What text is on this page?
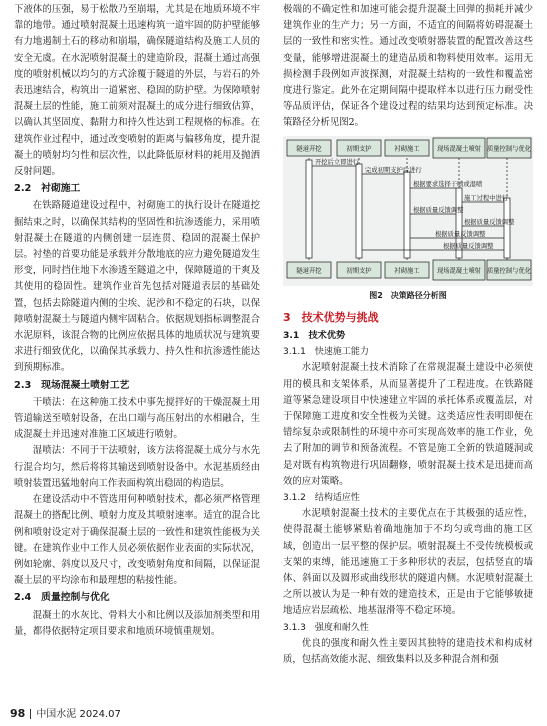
下液体的压强，易于松散乃至崩塌，尤其是在地质环境不牢靠的地带。通过喷射混凝土迅速构筑一道牢固的防护壁能够有力地遏制土石的移动和崩塌，确保隧道结构及施工人员的安全无虞。在水泥喷射混凝土的建造阶段，混凝土通过高强度的喷射机械以均匀的方式涂覆于隧道的外层，与岩石的外表迅速结合，构筑出一道紧密、稳固的防护壁。为保障喷射混凝土层的性能，施工前须对混凝土的成分进行细致估算，以确认其坚固度、黏附力和持久性达到工程规格的标准。在建筑作业过程中，通过改变喷射的距离与偏移角度，提升混凝土的喷射均匀性和层次性，以此降低原材料的耗用及抛洒反射问题。

2.2　衬砌施工

在铁路隧道建设过程中，衬砌施工的执行设计在隧道挖掘结束之时，以确保其结构的坚固性和抗渗透能力，采用喷射混凝土在隧道的内侧创建一层连贯、稳固的混凝土保护层。衬垫的首要功能是承载并分散地底的应力避免隧道发生形变，同时挡住地下水渗透至隧道之中，保障隧道的干爽及其使用的稳固性。建筑作业首先包括对隧道表层的基础处置，包括去除隧道内侧的尘埃、泥沙和不稳定的石块，以保障喷射混凝土与隧道内侧牢固粘合。依据规划指标调整混合水泥原料，该混合物的比例应依据具体的地质状况与建筑要求进行细致优化，以确保其承载力、持久性和抗渗透性能达到预期标准。

2.3　现场混凝土喷射工艺

干喷法：在这种施工技术中事先搅拌好的干燥混凝土用管道输送至喷射设备，在出口端与高压射出的水相融合，生成混凝土并迅速对准施工区域进行喷射。

湿喷法：不同于干法喷射，该方法将混凝土成分与水先行混合均匀，然后将将其输送到喷射设备中。水泥基质经由喷射装置迅猛地射向工作表面构筑出稳固的构造层。

在建设活动中不管选用何种喷射技术，都必须严格管理混凝土的搭配比例、喷射力度及其喷射速率。适宜的混合比例和喷射设定对于确保混凝土层的一致性和建筑性能极为关键。在建筑作业中工作人员必须依据作业表面的实际状况，例如轮廓、斜度以及尺寸，改变喷射角度和间隔，以保证混凝土层的平均涂布和最理想的粘接性能。

2.4　质量控制与优化

混凝土的水灰比、骨料大小和比例以及添加剂类型和用量，都得依据特定项目要求和地质环境慎重规划。

极端的不确定性和加速可能会提升混凝土回弹的损耗并减少建筑作业的生产力；另一方面，不适宜的间隔将妨碍混凝土层的一致性和密实性。通过改变喷射器装置的配置改善这些变量，能够增进混凝土的建造品质和物料使用效率。运用无损检测手段例如声波探测，对混凝土结构的一致性和覆盖密度进行鉴定。此外在定期间隔中提取样本以进行压力耐受性等品质评估，保证各个建设过程的结果均达到预定标准。决策路径分析见图2。

隧道开挖	初期支护	衬砌施工	现场混凝土喷射 质量控制与优化
开挖后立即进行
完成初期支护后进行
根据要求选择干喷或湿喷
施工过程中进行
根据质量反馈调整
根据质量反馈调整
根据质量反馈调整
根据质量反馈调整
隧道开挖	初期支护	衬砌施工	现场混凝土喷射 质量控制与优化
图2　决策路径分析图
3　技术优势与挑战
3.1　技术优势
3.1.1　快速施工能力

水泥喷射混凝土技术消除了在常规混凝土建设中必须使用的模具和支架体系，从而显著提升了工程进度。在铁路隧道等紧急建设项目中快速建立牢固的承托体系或覆盖层，对于保障施工进度和安全性极为关键。这类适应性表明即便在错综复杂或限制性的环境中亦可实现高效率的施工作业，免去了附加的调节和预备流程。不管是施工全新的铁道隧洞或是对既有构筑物进行巩固翻修，喷射混凝土技术是迅捷而高效的应对策略。

3.1.2　结构适应性

水泥喷射混凝土技术的主要优点在于其极强的适应性，使得混凝土能够紧贴着确地施加于不均匀或弯曲的施工区域，创造出一层平整的保护层。喷射混凝土不受传统模板或支架的束缚，能迅速施工于多种形状的表层，包括竖直的墙体、斜面以及圆形或曲线形状的隧道内侧。水泥喷射混凝土之所以被认为是一种有效的建造技术，正是由于它能够敏捷地适应岩层疏松、地基湿滑等不稳定环境。

3.1.3　强度和耐久性

优良的强度和耐久性主要因其独特的建造技术和构成材质，包括高效能水泥、细致集料以及多种混合剂和强

98 中国水泥 2024.07
